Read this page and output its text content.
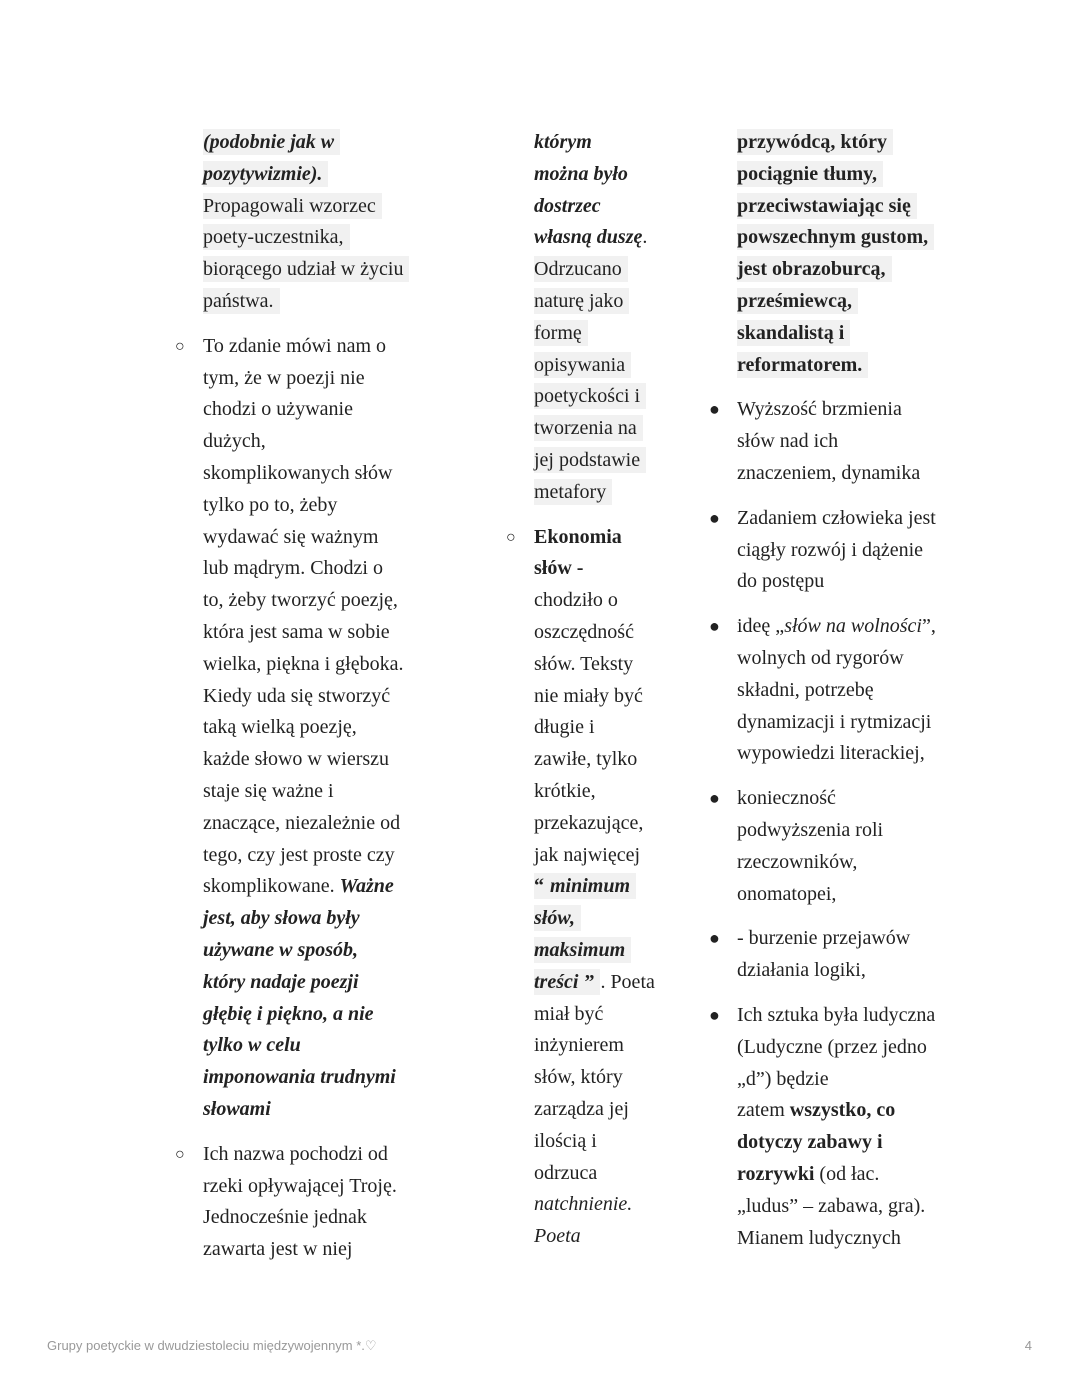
(podobnie jak w
pozytywizmie).
Propagowali wzorzec
poety-uczestnika,
biorącego udział w życiu
państwa.
○ To zdanie mówi nam o
tym, że w poezji nie
chodzi o używanie
dużych,
skomplikowanych słów
tylko po to, żeby
wydawać się ważnym
lub mądrym. Chodzi o
to, żeby tworzyć poezję,
która jest sama w sobie
wielka, piękna i głęboka.
Kiedy uda się stworzyć
taką wielką poezję,
każde słowo w wierszu
staje się ważne i
znaczące, niezależnie od
tego, czy jest proste czy
skomplikowane. Ważne
jest, aby słowa były
używane w sposób,
który nadaje poezji
głębię i piękno, a nie
tylko w celu
imponowania trudnymi
słowami
○ Ich nazwa pochodzi od
rzeki opływającej Troję.
Jednocześnie jednak
zawarta jest w niej
którym
można było
dostrzec
własną duszę.
Odrzucano
naturę jako
formę
opisywania
poetyckości i
tworzenia na
jej podstawie
metafory
○ Ekonomia
słów -
chodziło o
oszczędność
słów. Teksty
nie miały być
długie i
zawiłe, tylko
krótkie,
przekazujące,
jak najwięcej
“ minimum
słów,
maksimum
treści ” . Poeta
miał być
inżynierem
słów, który
zarządza jej
ilością i
odrzuca
natchnienie.
Poeta
przywódcą, który
pociągnie tłumy,
przeciwstawiając się
powszechnym gustom,
jest obrazoburcą,
prześmiewcą,
skandalistą i
reformatorem.
● Wyższość brzmienia
słów nad ich
znaczeniem, dynamika
● Zadaniem człowieka jest
ciągły rozwój i dążenie
do postępu
● ideę „słów na wolności”,
wolnych od rygorów
składni, potrzebę
dynamizacji i rytmizacji
wypowiedzi literackiej,
● konieczność
podwyższenia roli
rzeczowników,
onomatopei,
● - burzenie przejawów
działania logiki,
● Ich sztuka była ludyczna
(Ludyczne (przez jedno
„d”) będzie
zatem wszystko, co
dotyczy zabawy i
rozrywki (od łac.
„ludus” – zabawa, gra).
Mianem ludycznych
Grupy poetyckie w dwudziestoleciu międzywojennym *.♡	4
